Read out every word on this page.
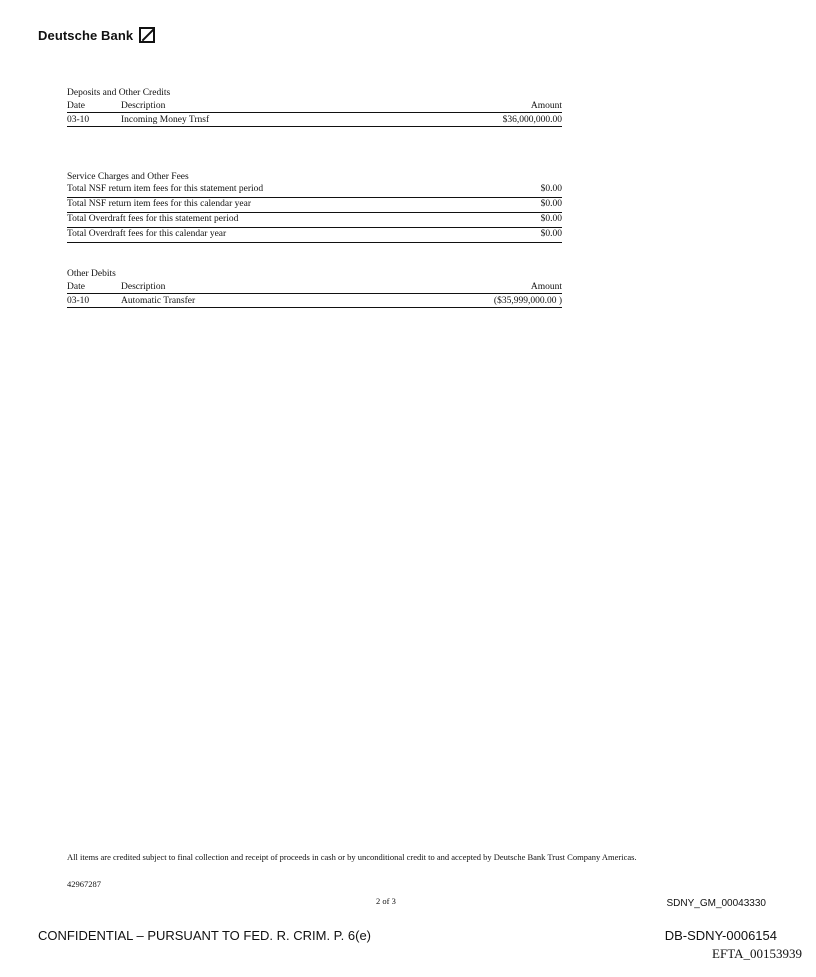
Deutsche Bank
Deposits and Other Credits
Date	Description	Amount
03-10	Incoming Money Trnsf	$36,000,000.00
Service Charges and Other Fees
Total NSF return item fees for this statement period	$0.00
Total NSF return item fees for this calendar year	$0.00
Total Overdraft fees for this statement period	$0.00
Total Overdraft fees for this calendar year	$0.00
Other Debits
Date	Description	Amount
03-10	Automatic Transfer	($35,999,000.00 )
All items are credited subject to final collection and receipt of proceeds in cash or by unconditional credit to and accepted by Deutsche Bank Trust Company Americas.
42967287
2 of 3	SDNY_GM_00043330
CONFIDENTIAL – PURSUANT TO FED. R. CRIM. P. 6(e)	DB-SDNY-0006154
EFTA_00153939
